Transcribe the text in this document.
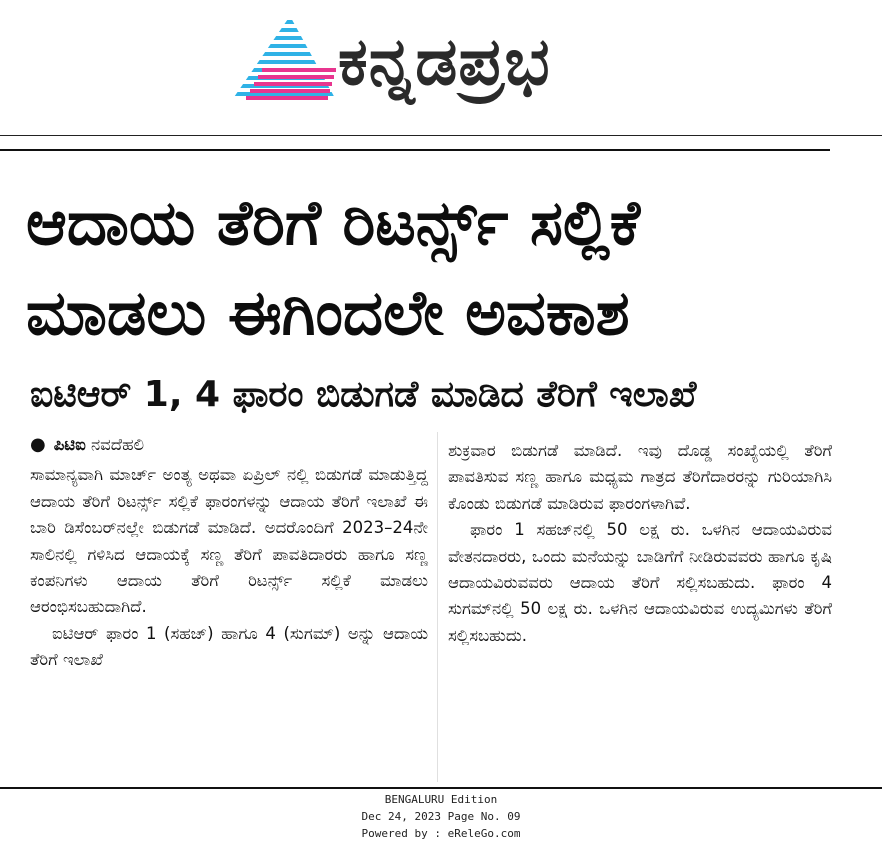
ಕನ್ನಡಪ್ರಭ
ಆದಾಯ ತೆರಿಗೆ ರಿಟರ್ನ್ಸ್ ಸಲ್ಲಿಕೆ
ಮಾಡಲು ಈಗಿಂದಲೇ ಅವಕಾಶ
ಐಟಿಆರ್ 1, 4 ಫಾರಂ ಬಿಡುಗಡೆ ಮಾಡಿದ ತೆರಿಗೆ ಇಲಾಖೆ
● ಪಿಟಿಐ ನವದೆಹಲಿ

ಸಾಮಾನ್ಯವಾಗಿ ಮಾರ್ಚ್ ಅಂತ್ಯ ಅಥವಾ ಏಪ್ರಿಲ್ ನಲ್ಲಿ ಬಿಡುಗಡೆ ಮಾಡುತ್ತಿದ್ದ ಆದಾಯ ತೆರಿಗೆ ರಿಟರ್ನ್ಸ್ ಸಲ್ಲಿಕೆ ಫಾರಂಗಳನ್ನು ಆದಾಯ ತೆರಿಗೆ ಇಲಾಖೆ ಈ ಬಾರಿ ಡಿಸೆಂಬರ್‌ನಲ್ಲೇ ಬಿಡುಗಡೆ ಮಾಡಿದೆ. ಅದರೊಂದಿಗೆ 2023–24ನೇ ಸಾಲಿನಲ್ಲಿ ಗಳಿಸಿದ ಆದಾಯಕ್ಕೆ ಸಣ್ಣ ತೆರಿಗೆ ಪಾವತಿದಾರರು ಹಾಗೂ ಸಣ್ಣ ಕಂಪನಿಗಳು ಆದಾಯ ತೆರಿಗೆ ರಿಟರ್ನ್ಸ್ ಸಲ್ಲಿಕೆ ಮಾಡಲು ಆರಂಭಿಸಬಹುದಾಗಿದೆ.

ಐಟಿಆರ್ ಫಾರಂ 1 (ಸಹಜ್) ಹಾಗೂ 4 (ಸುಗಮ್) ಅನ್ನು ಆದಾಯ ತೆರಿಗೆ ಇಲಾಖೆ

ಶುಕ್ರವಾರ ಬಿಡುಗಡೆ ಮಾಡಿದೆ. ಇವು ದೊಡ್ಡ ಸಂಖ್ಯೆಯಲ್ಲಿ ತೆರಿಗೆ ಪಾವತಿಸುವ ಸಣ್ಣ ಹಾಗೂ ಮಧ್ಯಮ ಗಾತ್ರದ ತೆರಿಗೆದಾರರನ್ನು ಗುರಿಯಾಗಿಸಿ ಕೊಂಡು ಬಿಡುಗಡೆ ಮಾಡಿರುವ ಫಾರಂಗಳಾಗಿವೆ.

ಫಾರಂ 1 ಸಹಜ್‌ನಲ್ಲಿ 50 ಲಕ್ಷ ರು. ಒಳಗಿನ ಆದಾಯವಿರುವ ವೇತನದಾರರು, ಒಂದು ಮನೆಯನ್ನು ಬಾಡಿಗೆಗೆ ನೀಡಿರುವವರು ಹಾಗೂ ಕೃಷಿ ಆದಾಯವಿರುವವರು ಆದಾಯ ತೆರಿಗೆ ಸಲ್ಲಿಸಬಹುದು. ಫಾರಂ 4 ಸುಗಮ್‌ನಲ್ಲಿ 50 ಲಕ್ಷ ರು. ಒಳಗಿನ ಆದಾಯವಿರುವ ಉದ್ಯಮಿಗಳು ತೆರಿಗೆ ಸಲ್ಲಿಸಬಹುದು.

BENGALURU Edition
Dec 24, 2023 Page No. 09
Powered by : eReleGo.com
